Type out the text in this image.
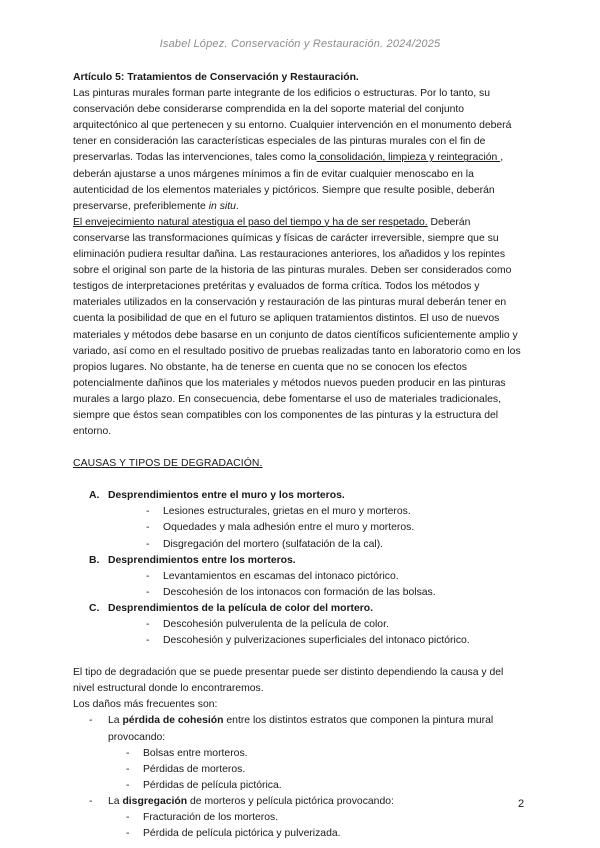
Isabel López. Conservación y Restauración. 2024/2025

Artículo 5: Tratamientos de Conservación y Restauración.

Las pinturas murales forman parte integrante de los edificios o estructuras. Por lo tanto, su conservación debe considerarse comprendida en la del soporte material del conjunto arquitectónico al que pertenecen y su entorno. Cualquier intervención en el monumento deberá tener en consideración las características especiales de las pinturas murales con el fin de preservarlas. Todas las intervenciones, tales como la consolidación, limpieza y reintegración , deberán ajustarse a unos márgenes mínimos a fin de evitar cualquier menoscabo en la autenticidad de los elementos materiales y pictóricos. Siempre que resulte posible, deberán preservarse, preferiblemente in situ.

El envejecimiento natural atestigua el paso del tiempo y ha de ser respetado. Deberán conservarse las transformaciones químicas y físicas de carácter irreversible, siempre que su eliminación pudiera resultar dañina. Las restauraciones anteriores, los añadidos y los repintes sobre el original son parte de la historia de las pinturas murales. Deben ser considerados como testigos de interpretaciones pretéritas y evaluados de forma crítica. Todos los métodos y materiales utilizados en la conservación y restauración de las pinturas mural deberán tener en cuenta la posibilidad de que en el futuro se apliquen tratamientos distintos. El uso de nuevos materiales y métodos debe basarse en un conjunto de datos científicos suficientemente amplio y variado, así como en el resultado positivo de pruebas realizadas tanto en laboratorio como en los propios lugares. No obstante, ha de tenerse en cuenta que no se conocen los efectos potencialmente dañinos que los materiales y métodos nuevos pueden producir en las pinturas murales a largo plazo. En consecuencia, debe fomentarse el uso de materiales tradicionales, siempre que éstos sean compatibles con los componentes de las pinturas y la estructura del entorno.

CAUSAS Y TIPOS DE DEGRADACIÓN.

A. Desprendimientos entre el muro y los morteros.
- Lesiones estructurales, grietas en el muro y morteros.
- Oquedades y mala adhesión entre el muro y morteros.
- Disgregación del mortero (sulfatación de la cal).
B. Desprendimientos entre los morteros.
- Levantamientos en escamas del intonaco pictórico.
- Descohesión de los intonacos con formación de las bolsas.
C. Desprendimientos de la película de color del mortero.
- Descohesión pulverulenta de la película de color.
- Descohesión y pulverizaciones superficiales del intonaco pictórico.

El tipo de degradación que se puede presentar puede ser distinto dependiendo la causa y del nivel estructural donde lo encontraremos.

Los daños más frecuentes son:

- La pérdida de cohesión entre los distintos estratos que componen la pintura mural provocando:
- Bolsas entre morteros.
- Pérdidas de morteros.
- Pérdidas de película pictórica.
- La disgregación de morteros y película pictórica provocando:
- Fracturación de los morteros.
- Pérdida de película pictórica y pulverizada.
2
